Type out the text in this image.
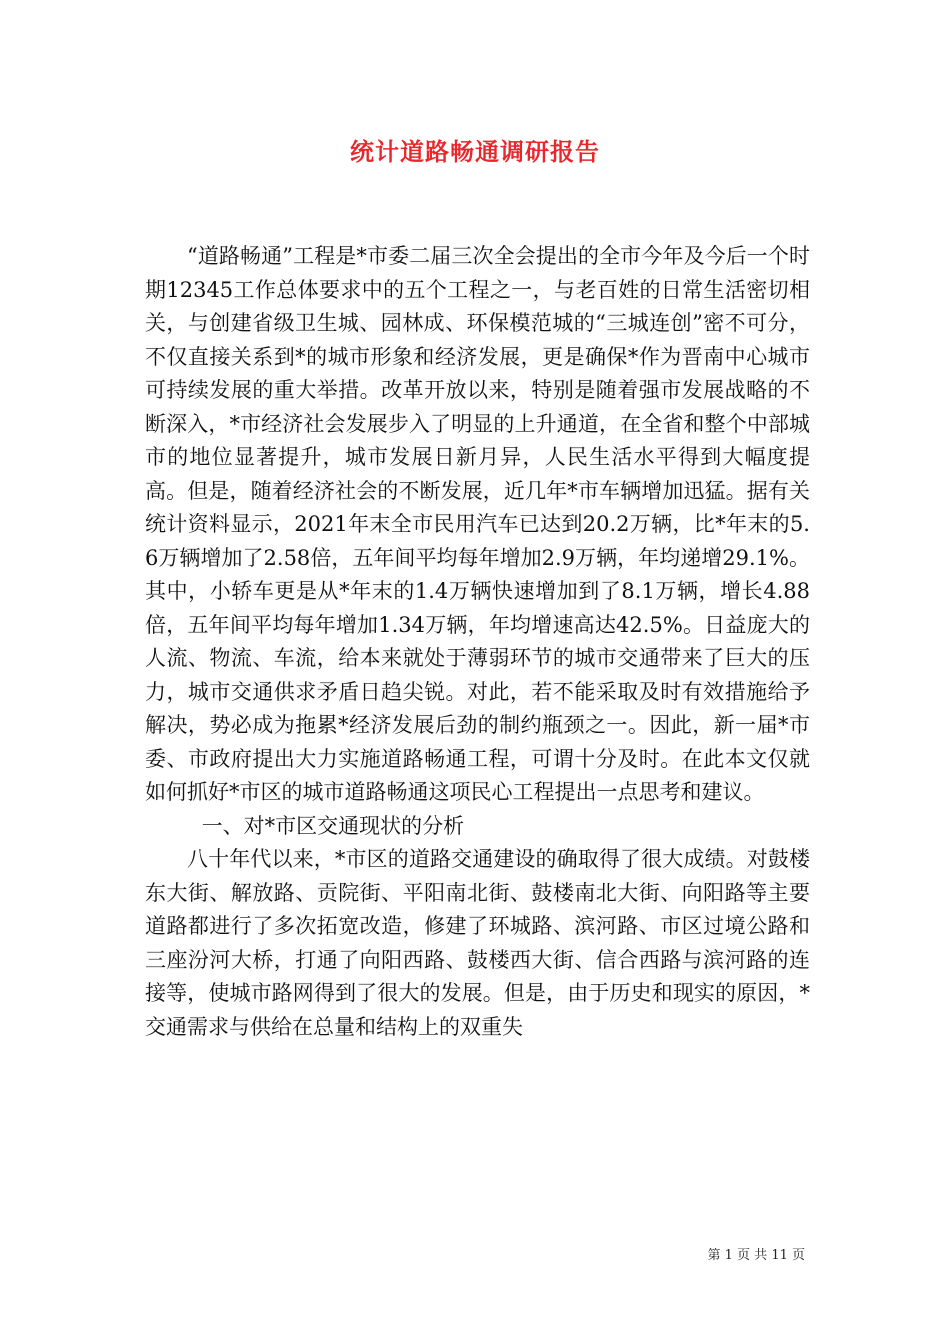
统计道路畅通调研报告

“道路畅通”工程是*市委二届三次全会提出的全市今年及今后一个时期12345工作总体要求中的五个工程之一，与老百姓的日常生活密切相关，与创建省级卫生城、园林成、环保模范城的“三城连创”密不可分，不仅直接关系到*的城市形象和经济发展，更是确保*作为晋南中心城市可持续发展的重大举措。改革开放以来，特别是随着强市发展战略的不断深入，*市经济社会发展步入了明显的上升通道，在全省和整个中部城市的地位显著提升，城市发展日新月异，人民生活水平得到大幅度提高。但是，随着经济社会的不断发展，近几年*市车辆增加迅猛。据有关统计资料显示，2021年末全市民用汽车已达到20.2万辆，比*年末的5.6万辆增加了2.58倍，五年间平均每年增加2.9万辆，年均递增29.1%。其中，小轿车更是从*年末的1.4万辆快速增加到了8.1万辆，增长4.88倍，五年间平均每年增加1.34万辆，年均增速高达42.5%。日益庞大的人流、物流、车流，给本来就处于薄弱环节的城市交通带来了巨大的压力，城市交通供求矛盾日趋尖锐。对此，若不能采取及时有效措施给予解决，势必成为拖累*经济发展后劲的制约瓶颈之一。因此，新一届*市委、市政府提出大力实施道路畅通工程，可谓十分及时。在此本文仅就如何抓好*市区的城市道路畅通这项民心工程提出一点思考和建议。

一、对*市区交通现状的分析

八十年代以来，*市区的道路交通建设的确取得了很大成绩。对鼓楼东大街、解放路、贡院街、平阳南北街、鼓楼南北大街、向阳路等主要道路都进行了多次拓宽改造，修建了环城路、滨河路、市区过境公路和三座汾河大桥，打通了向阳西路、鼓楼西大街、信合西路与滨河路的连接等，使城市路网得到了很大的发展。但是，由于历史和现实的原因，*交通需求与供给在总量和结构上的双重失

第 1 页 共 11 页
